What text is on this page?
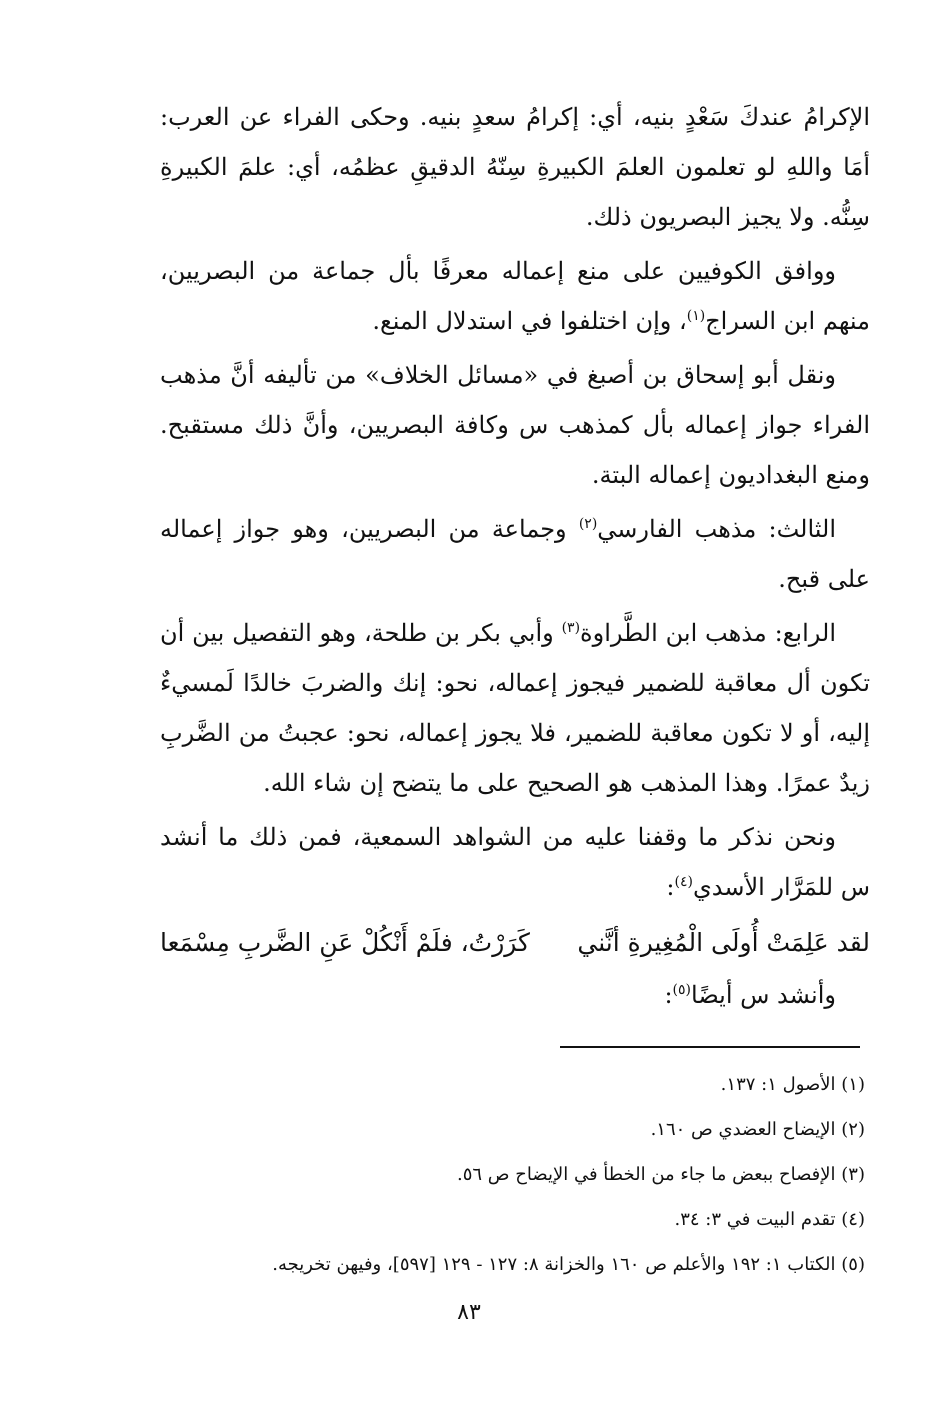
الإكرامُ عندكَ سَعْدٍ بنيه، أي: إكرامُ سعدٍ بنيه. وحكى الفراء عن العرب: أمَا واللهِ لو تعلمون العلمَ الكبيرةِ سِنّهُ الدقيقِ عظمُه، أي: علمَ الكبيرةِ سِنُّه. ولا يجيز البصريون ذلك.

ووافق الكوفيين على منع إعماله معرفًا بأل جماعة من البصريين، منهم ابن السراج$^{(١)}$، وإن اختلفوا في استدلال المنع.

ونقل أبو إسحاق بن أصبغ في «مسائل الخلاف» من تأليفه أنَّ مذهب الفراء جواز إعماله بأل كمذهب س وكافة البصريين، وأنَّ ذلك مستقبح. ومنع البغداديون إعماله البتة.

الثالث: مذهب الفارسي$^{(٢)}$ وجماعة من البصريين، وهو جواز إعماله على قبح.

الرابع: مذهب ابن الطَّراوة$^{(٣)}$ وأبي بكر بن طلحة، وهو التفصيل بين أن تكون أل معاقبة للضمير فيجوز إعماله، نحو: إنك والضربَ خالدًا لَمسيءٌ إليه، أو لا تكون معاقبة للضمير، فلا يجوز إعماله، نحو: عجبتُ من الضَّربِ زيدٌ عمرًا. وهذا المذهب هو الصحيح على ما يتضح إن شاء الله.

ونحن نذكر ما وقفنا عليه من الشواهد السمعية، فمن ذلك ما أنشد س للمَرَّار الأسدي$^{(٤)}$:

لقد عَلِمَتْ أُولَى الْمُغِيرةِ أنَّني
كَرَرْتُ، فلَمْ أَنْكُلْ عَنِ الضَّربِ مِسْمَعا

وأنشد س أيضًا$^{(٥)}$:

(١) الأصول ١: ١٣٧.

(٢) الإيضاح العضدي ص ١٦٠.

(٣) الإفصاح ببعض ما جاء من الخطأ في الإيضاح ص ٥٦.

(٤) تقدم البيت في ٣: ٣٤.

(٥) الكتاب ١: ١٩٢ والأعلم ص ١٦٠ والخزانة ٨: ١٢٧ - ١٢٩ [٥٩٧]، وفيهن تخريجه.

٨٣
